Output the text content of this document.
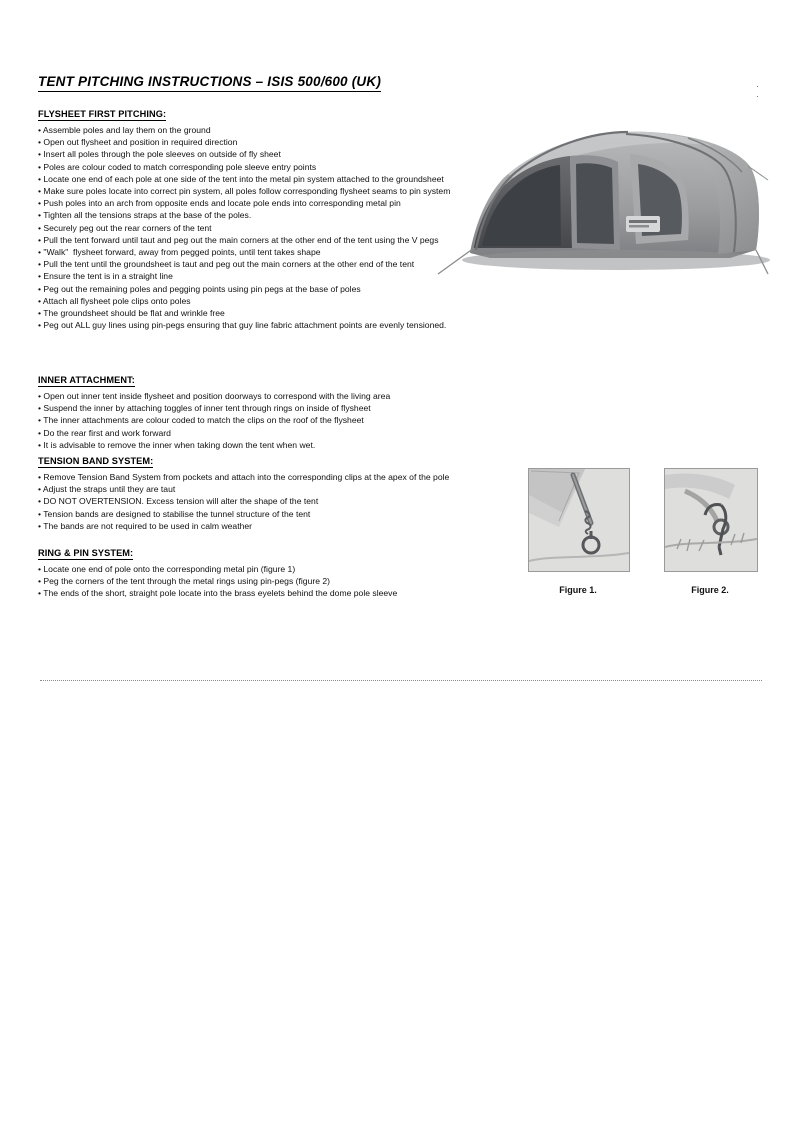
TENT PITCHING INSTRUCTIONS – ISIS 500/600 (UK)
FLYSHEET FIRST PITCHING:
• Assemble poles and lay them on the ground
• Open out flysheet and position in required direction
• Insert all poles through the pole sleeves on outside of fly sheet
• Poles are colour coded to match corresponding pole sleeve entry points
• Locate one end of each pole at one side of the tent into the metal pin system attached to the groundsheet
• Make sure poles locate into correct pin system, all poles follow corresponding flysheet seams to pin system
• Push poles into an arch from opposite ends and locate pole ends into corresponding metal pin
• Tighten all the tensions straps at the base of the poles.
• Securely peg out the rear corners of the tent
• Pull the tent forward until taut and peg out the main corners at the other end of the tent using the V pegs
• "Walk"  flysheet forward, away from pegged points, until tent takes shape
• Pull the tent until the groundsheet is taut and peg out the main corners at the other end of the tent
• Ensure the tent is in a straight line
• Peg out the remaining poles and pegging points using pin pegs at the base of poles
• Attach all flysheet pole clips onto poles
• The groundsheet should be flat and wrinkle free
• Peg out ALL guy lines using pin-pegs ensuring that guy line fabric attachment points are evenly tensioned.
INNER ATTACHMENT:
• Open out inner tent inside flysheet and position doorways to correspond with the living area
• Suspend the inner by attaching toggles of inner tent through rings on inside of flysheet
• The inner attachments are colour coded to match the clips on the roof of the flysheet
• Do the rear first and work forward
• It is advisable to remove the inner when taking down the tent when wet.
TENSION BAND SYSTEM:
• Remove Tension Band System from pockets and attach into the corresponding clips at the apex of the pole
• Adjust the straps until they are taut
• DO NOT OVERTENSION. Excess tension will alter the shape of the tent
• Tension bands are designed to stabilise the tunnel structure of the tent
• The bands are not required to be used in calm weather
RING & PIN SYSTEM:
• Locate one end of pole onto the corresponding metal pin (figure 1)
• Peg the corners of the tent through the metal rings using pin-pegs (figure 2)
• The ends of the short, straight pole locate into the brass eyelets behind the dome pole sleeve	Figure 1.	Figure 2.
